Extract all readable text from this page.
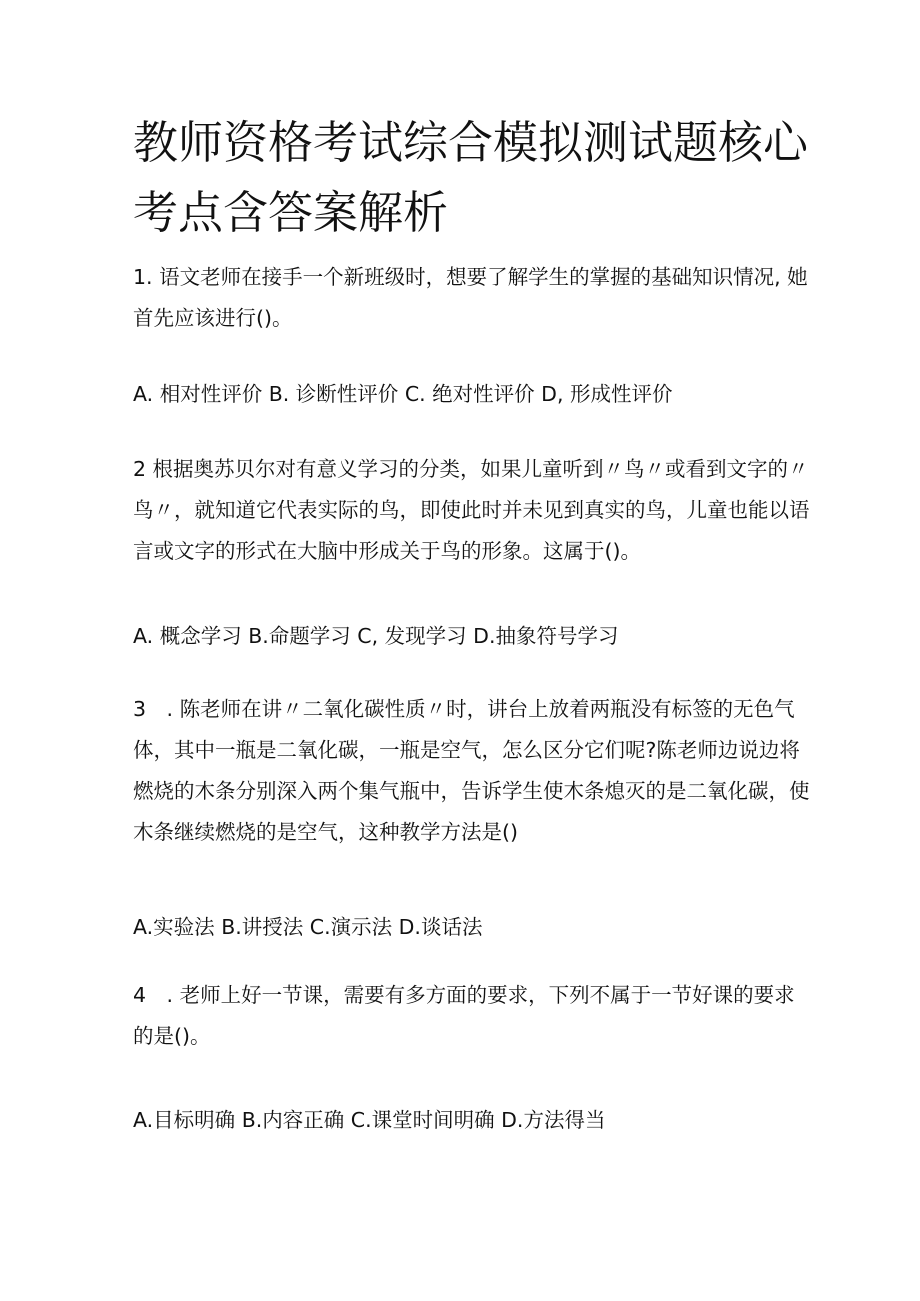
教师资格考试综合模拟测试题核心考点含答案解析

1. 语文老师在接手一个新班级时，想要了解学生的掌握的基础知识情况, 她首先应该进行()。

A. 相对性评价 B. 诊断性评价 C. 绝对性评价 D, 形成性评价

2 根据奥苏贝尔对有意义学习的分类，如果儿童听到〃鸟〃或看到文字的〃鸟〃，就知道它代表实际的鸟，即使此时并未见到真实的鸟，儿童也能以语言或文字的形式在大脑中形成关于鸟的形象。这属于()。

A. 概念学习 B.命题学习 C, 发现学习 D.抽象符号学习

3　. 陈老师在讲〃二氧化碳性质〃时，讲台上放着两瓶没有标签的无色气体，其中一瓶是二氧化碳，一瓶是空气，怎么区分它们呢?陈老师边说边将燃烧的木条分别深入两个集气瓶中，告诉学生使木条熄灭的是二氧化碳，使木条继续燃烧的是空气，这种教学方法是()

A.实验法 B.讲授法 C.演示法 D.谈话法

4　. 老师上好一节课，需要有多方面的要求，下列不属于一节好课的要求的是()。

A.目标明确 B.内容正确 C.课堂时间明确 D.方法得当
